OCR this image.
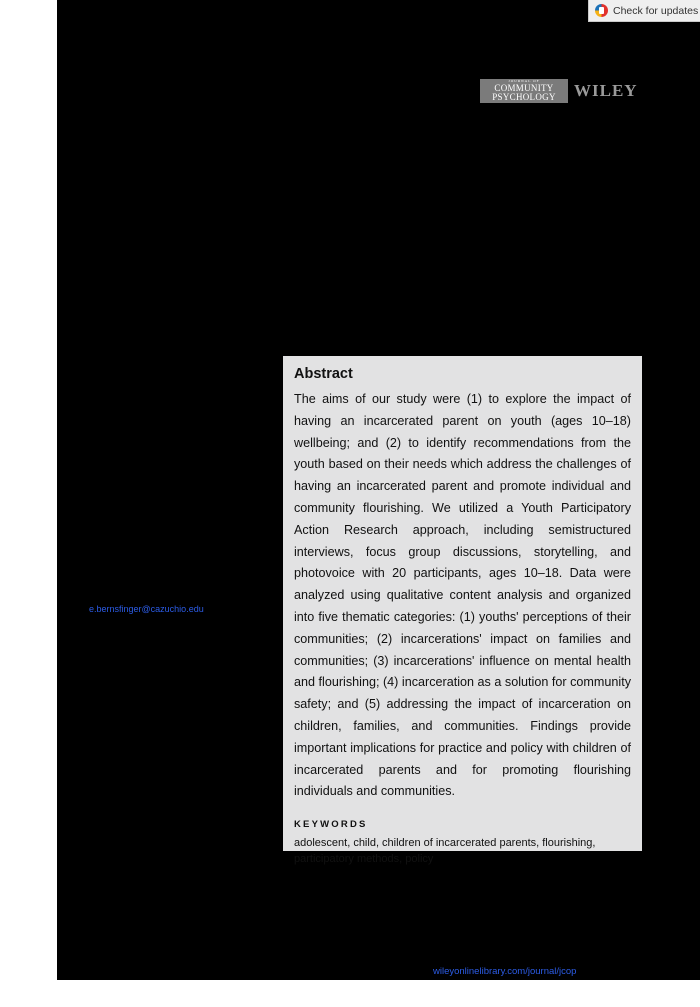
Check for updates
JOURNAL OF
COMMUNITY
PSYCHOLOGY	WILEY
e.bernsfinger@cazuchio.edu
Abstract

The aims of our study were (1) to explore the impact of having an incarcerated parent on youth (ages 10–18) wellbeing; and (2) to identify recommendations from the youth based on their needs which address the challenges of having an incarcerated parent and promote individual and community flourishing. We utilized a Youth Participatory Action Research approach, including semistructured interviews, focus group discussions, storytelling, and photovoice with 20 participants, ages 10–18. Data were analyzed using qualitative content analysis and organized into five thematic categories: (1) youths' perceptions of their communities; (2) incarcerations' impact on families and communities; (3) incarcerations' influence on mental health and flourishing; (4) incarceration as a solution for community safety; and (5) addressing the impact of incarceration on children, families, and communities. Findings provide important implications for practice and policy with children of incarcerated parents and for promoting flourishing individuals and communities.

KEYWORDS
adolescent, child, children of incarcerated parents, flourishing, participatory methods, policy
wileyonlinelibrary.com/journal/jcop
